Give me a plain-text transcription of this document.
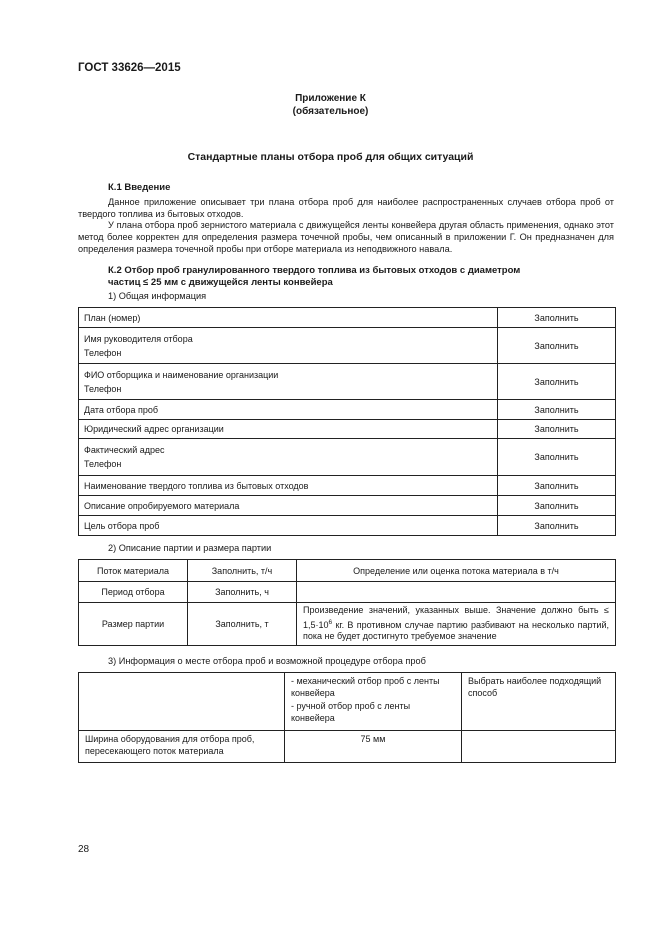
ГОСТ 33626—2015
Приложение К
(обязательное)
Стандартные планы отбора проб для общих ситуаций
К.1 Введение

Данное приложение описывает три плана отбора проб для наиболее распространенных случаев отбора проб от твердого топлива из бытовых отходов.

У плана отбора проб зернистого материала с движущейся ленты конвейера другая область применения, однако этот метод более корректен для определения размера точечной пробы, чем описанный в приложении Г. Он предназначен для определения размера точечной пробы при отборе материала из неподвижного навала.

К.2 Отбор проб гранулированного твердого топлива из бытовых отходов с диаметром
частиц ≤ 25 мм с движущейся ленты конвейера
1) Общая информация
План (номер)	Заполнить

Имя руководителя отбора
Телефон	Заполнить

ФИО отборщика и наименование организации
Телефон	Заполнить
Дата отбора проб	Заполнить
Юридический адрес организации	Заполнить

Фактический адрес
Телефон	Заполнить
Наименование твердого топлива из бытовых отходов	Заполнить
Описание опробируемого материала	Заполнить
Цель отбора проб	Заполнить
2) Описание партии и размера партии
Поток материала	Заполнить, т/ч	Определение или оценка потока материала в т/ч
Период отбора	Заполнить, ч	
Размер партии	Заполнить, т	Произведение значений, указанных выше. Значение должно быть ≤ $1,5\cdot 10^6$ кг. В противном случае партию разбивают на несколько партий, пока не будет достигнуто требуемое значение
3) Информация о месте отбора проб и возможной процедуре отбора проб

	- механический отбор проб с ленты конвейера
- ручной отбор проб с ленты конвейера	Выбрать наиболее подходящий способ
Ширина оборудования для отбора проб, пересекающего поток материала	75 мм	
28
